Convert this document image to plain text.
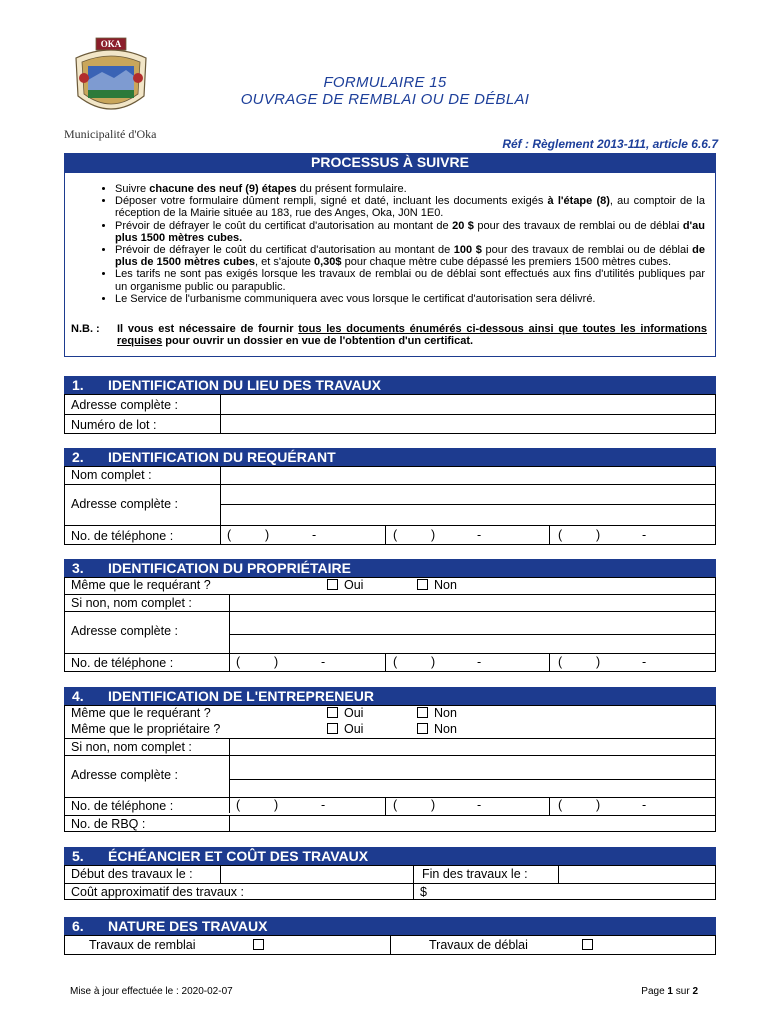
OKA
Municipalité d'Oka
FORMULAIRE 15
OUVRAGE DE REMBLAI OU DE DÉBLAI
Réf : Règlement 2013-111, article 6.6.7
PROCESSUS À SUIVRE
• Suivre chacune des neuf (9) étapes du présent formulaire.
• Déposer votre formulaire dûment rempli, signé et daté, incluant les documents exigés à l'étape (8), au comptoir de la réception de la Mairie située au 183, rue des Anges, Oka, J0N 1E0.
• Prévoir de défrayer le coût du certificat d'autorisation au montant de 20 $ pour des travaux de remblai ou de déblai d'au plus 1500 mètres cubes.
• Prévoir de défrayer le coût du certificat d'autorisation au montant de 100 $ pour des travaux de remblai ou de déblai de plus de 1500 mètres cubes, et s'ajoute 0,30$ pour chaque mètre cube dépassé les premiers 1500 mètres cubes.
• Les tarifs ne sont pas exigés lorsque les travaux de remblai ou de déblai sont effectués aux fins d'utilités publiques par un organisme public ou parapublic.
• Le Service de l'urbanisme communiquera avec vous lorsque le certificat d'autorisation sera délivré.
N.B. : Il vous est nécessaire de fournir tous les documents énumérés ci-dessous ainsi que toutes les informations requises pour ouvrir un dossier en vue de l'obtention d'un certificat.
1. IDENTIFICATION DU LIEU DES TRAVAUX
Adresse complète :
Numéro de lot :
2. IDENTIFICATION DU REQUÉRANT
Nom complet :
Adresse complète :
No. de téléphone :	(	)	-	(	)	-	(	)	-
3. IDENTIFICATION DU PROPRIÉTAIRE
Même que le requérant ?	Oui	Non
Si non, nom complet :
Adresse complète :
No. de téléphone :	(	)	-	(	)	-	(	)	-
4. IDENTIFICATION DE L'ENTREPRENEUR
Même que le requérant ?	Oui	Non
Même que le propriétaire ?	Oui	Non
Si non, nom complet :
Adresse complète :
No. de téléphone :	(	)	-	(	)	-	(	)	-
No. de RBQ :
5. ÉCHÉANCIER ET COÛT DES TRAVAUX
Début des travaux le :	Fin des travaux le :
Coût approximatif des travaux :	$
6. NATURE DES TRAVAUX
Travaux de remblai	Travaux de déblai
Mise à jour effectuée le : 2020-02-07	Page 1 sur 2
